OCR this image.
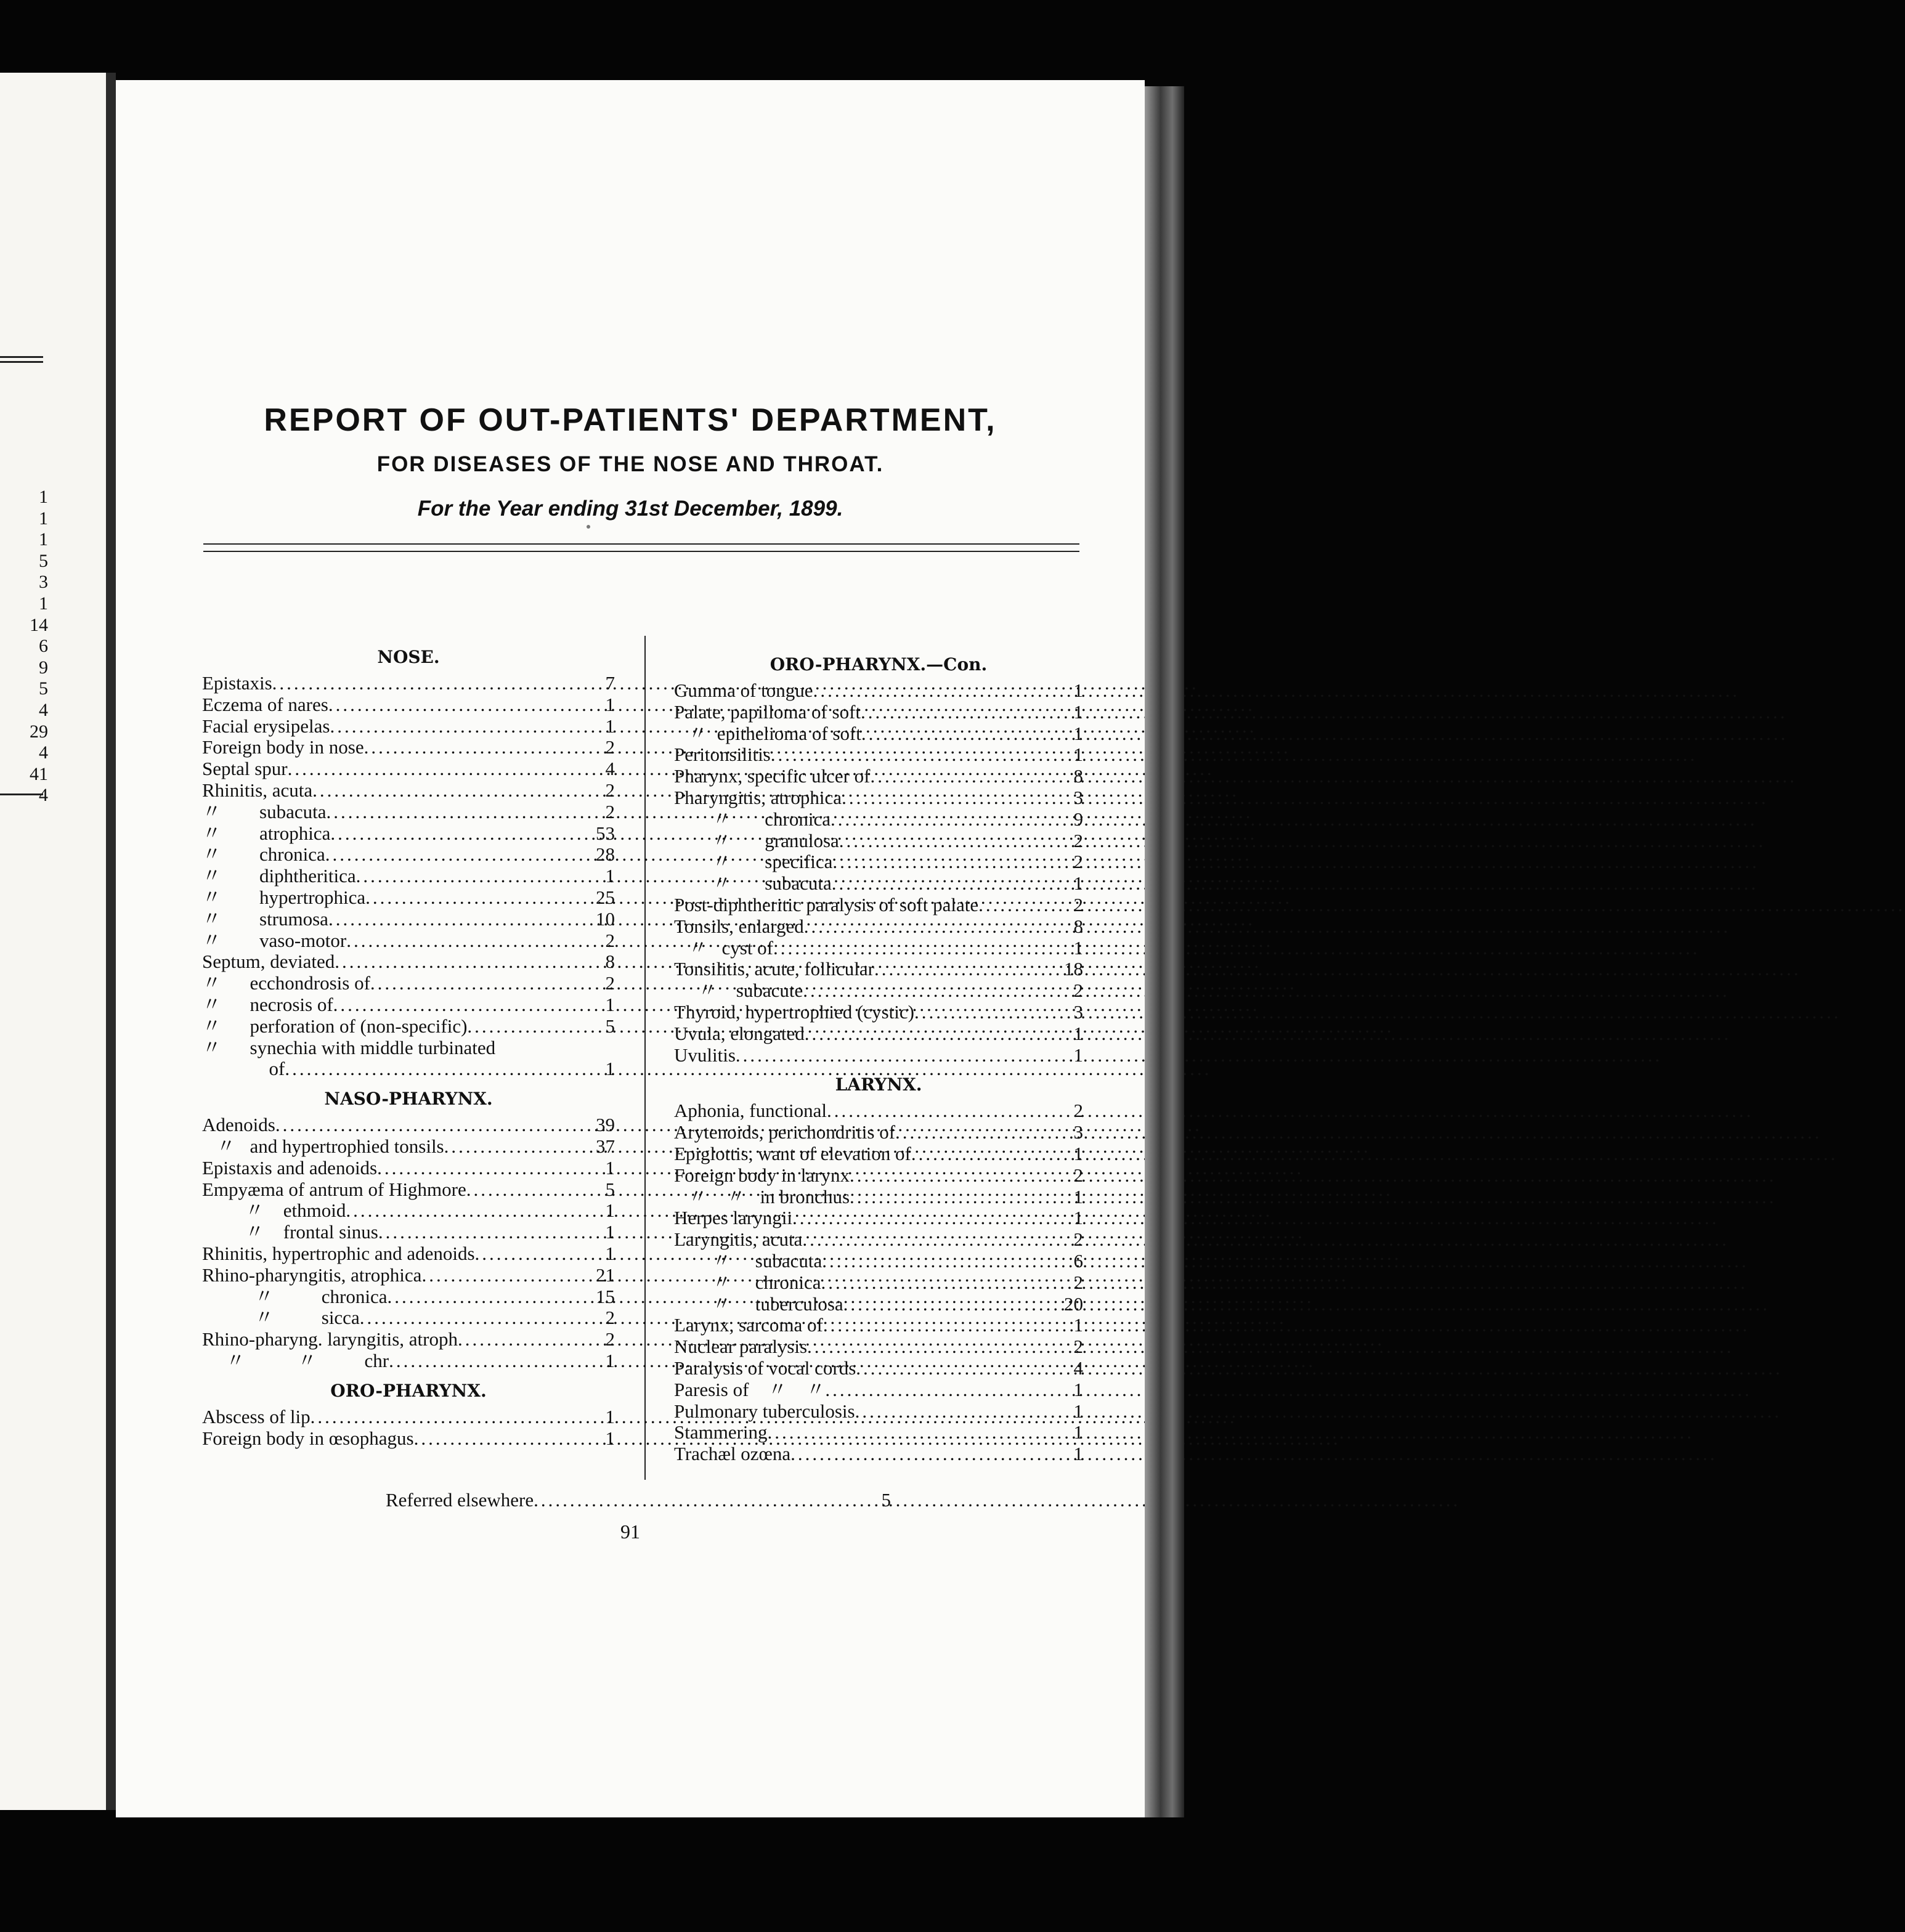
1
1
1
5
3
1
14
6
9
5
4
29
4
41
4
REPORT OF OUT-PATIENTS' DEPARTMENT,
FOR DISEASES OF THE NOSE AND THROAT.
For the Year ending 31st December, 1899.
NOSE.
Epistaxis .....	7
Eczema of nares .....	1
Facial erysipelas .....	1
Foreign body in nose .....	2
Septal spur .....	4
Rhinitis, acuta .....	2
〃        subacuta .....	2
〃        atrophica .....	53
〃        chronica .....	28
〃        diphtheritica .....	1
〃        hypertrophica .....	25
〃        strumosa .....	10
〃        vaso-motor .....	2
Septum, deviated .....	8
〃      ecchondrosis of .....	2
〃      necrosis of .....	1
〃      perforation of (non-specific) .....	5
〃      synechia with middle turbinated
of .....	1
NASO-PHARYNX.
Adenoids .....	39
〃   and hypertrophied tonsils .....	37
Epistaxis and adenoids .....	1
Empyæma of antrum of Highmore .....	5
〃    ethmoid .....	1
〃    frontal sinus .....	1
Rhinitis, hypertrophic and adenoids .....	1
Rhino-pharyngitis, atrophica .....	21
〃          chronica .....	15
〃          sicca .....	2
Rhino-pharyng. laryngitis, atroph .....	2
〃           〃          chr .....	1
ORO-PHARYNX.
Abscess of lip .....	1
Foreign body in œsophagus .....	1
ORO-PHARYNX.—Con.
Gumma of tongue .....	1
Palate, papilloma of soft .....	1
〃  epithelioma of soft .....	1
Peritonsilitis .....	1
Pharynx, specific ulcer of .....	8
Pharyngitis, atrophica .....	3
〃       chronica .....	9
〃       granulosa .....	2
〃       specifica .....	2
〃       subacuta .....	1
Post-diphtheritic paralysis of soft palate .....	2
Tonsils, enlarged .....	8
〃   cyst of .....	1
Tonsilitis, acute, follicular .....	18
〃    subacute .....	2
Thyroid, hypertrophied (cystic) .....	3
Uvula, elongated .....	1
Uvulitis .....	1
LARYNX.
Aphonia, functional .....	2
Arytenoids, perichondritis of .....	3
Epiglottis, want of elevation of .....	1
Foreign body in larynx .....	2
〃    〃   in bronchus .....	1
Herpes laryngii .....	1
Laryngitis, acuta .....	2
〃     subacuta .....	6
〃     chronica .....	2
〃     tuberculosa .....	20
Larynx, sarcoma of .....	1
Nuclear paralysis .....	2
Paralysis of vocal cords .....	4
Paresis of    〃    〃 .....	1
Pulmonary tuberculosis .....	1
Stammering .....	1
Trachæl ozœna .....	1
Referred elsewhere .....	5
91
